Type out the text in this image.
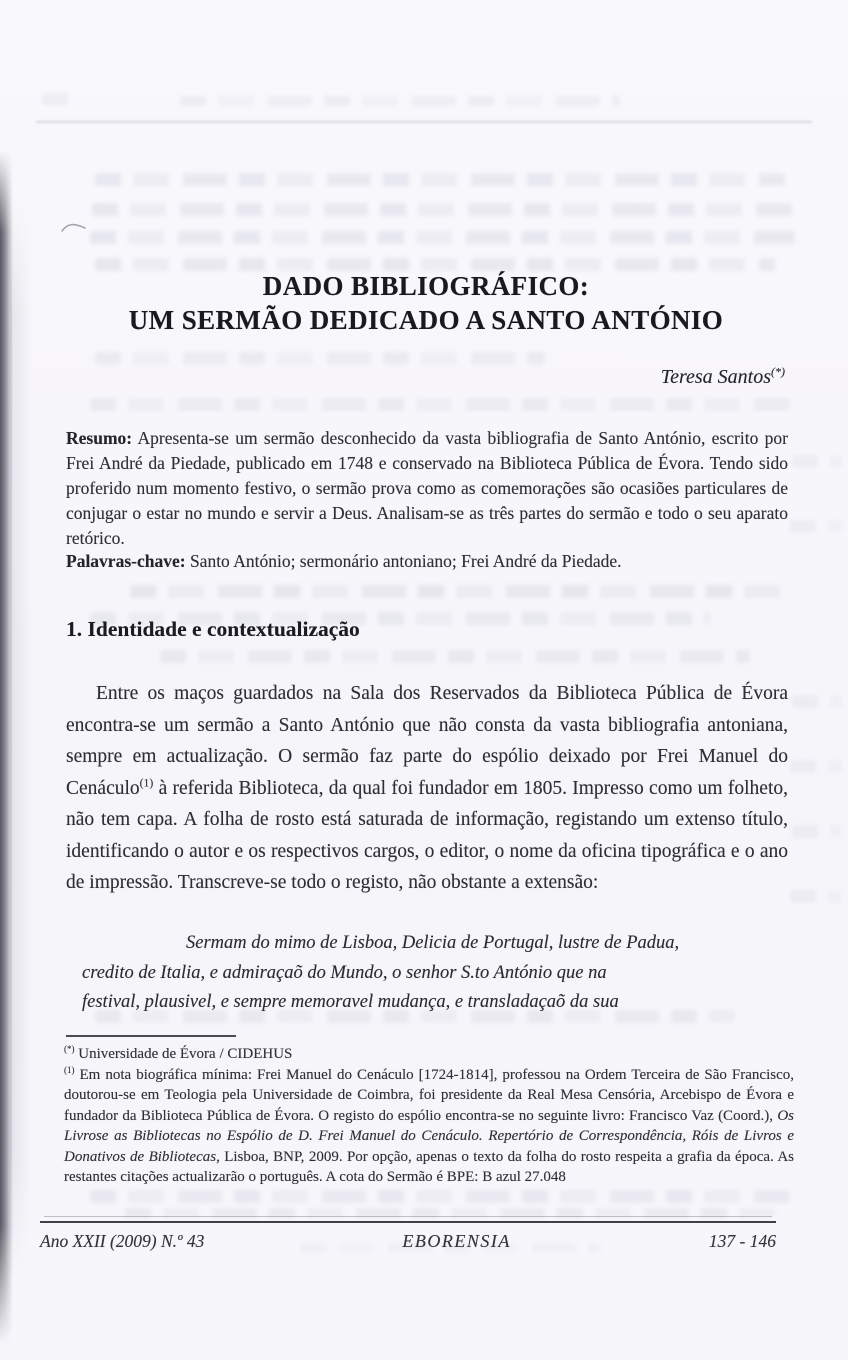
DADO BIBLIOGRÁFICO:
UM SERMÃO DEDICADO A SANTO ANTÓNIO
Teresa Santos(*)
Resumo: Apresenta-se um sermão desconhecido da vasta bibliografia de Santo António, escrito por Frei André da Piedade, publicado em 1748 e conservado na Biblioteca Pública de Évora. Tendo sido proferido num momento festivo, o sermão prova como as comemorações são ocasiões particulares de conjugar o estar no mundo e servir a Deus. Analisam-se as três partes do sermão e todo o seu aparato retórico.
Palavras-chave: Santo António; sermonário antoniano; Frei André da Piedade.
1. Identidade e contextualização
Entre os maços guardados na Sala dos Reservados da Biblioteca Pública de Évora encontra-se um sermão a Santo António que não consta da vasta bibliografia antoniana, sempre em actualização. O sermão faz parte do espólio deixado por Frei Manuel do Cenáculo$^{(1)}$ à referida Biblioteca, da qual foi fundador em 1805. Impresso como um folheto, não tem capa. A folha de rosto está saturada de informação, registando um extenso título, identificando o autor e os respectivos cargos, o editor, o nome da oficina tipográfica e o ano de impressão. Transcreve-se todo o registo, não obstante a extensão:
Sermam do mimo de Lisboa, Delicia de Portugal, lustre de Padua,
credito de Italia, e admiraçaõ do Mundo, o senhor S.to António que na
festival, plausivel, e sempre memoravel mudança, e transladaçaõ da sua

(*) Universidade de Évora / CIDEHUS

$^{(1)}$ Em nota biográfica mínima: Frei Manuel do Cenáculo [1724-1814], professou na Ordem Terceira de São Francisco, doutorou-se em Teologia pela Universidade de Coimbra, foi presidente da Real Mesa Censória, Arcebispo de Évora e fundador da Biblioteca Pública de Évora. O registo do espólio encontra-se no seguinte livro: Francisco Vaz (Coord.), Os Livrose as Bibliotecas no Espólio de D. Frei Manuel do Cenáculo. Repertório de Correspondência, Róis de Livros e Donativos de Bibliotecas, Lisboa, BNP, 2009. Por opção, apenas o texto da folha do rosto respeita a grafia da época. As restantes citações actualizarão o português. A cota do Sermão é BPE: B azul 27.048

Ano XXII (2009) N.º 43	EBORENSIA	137 - 146
